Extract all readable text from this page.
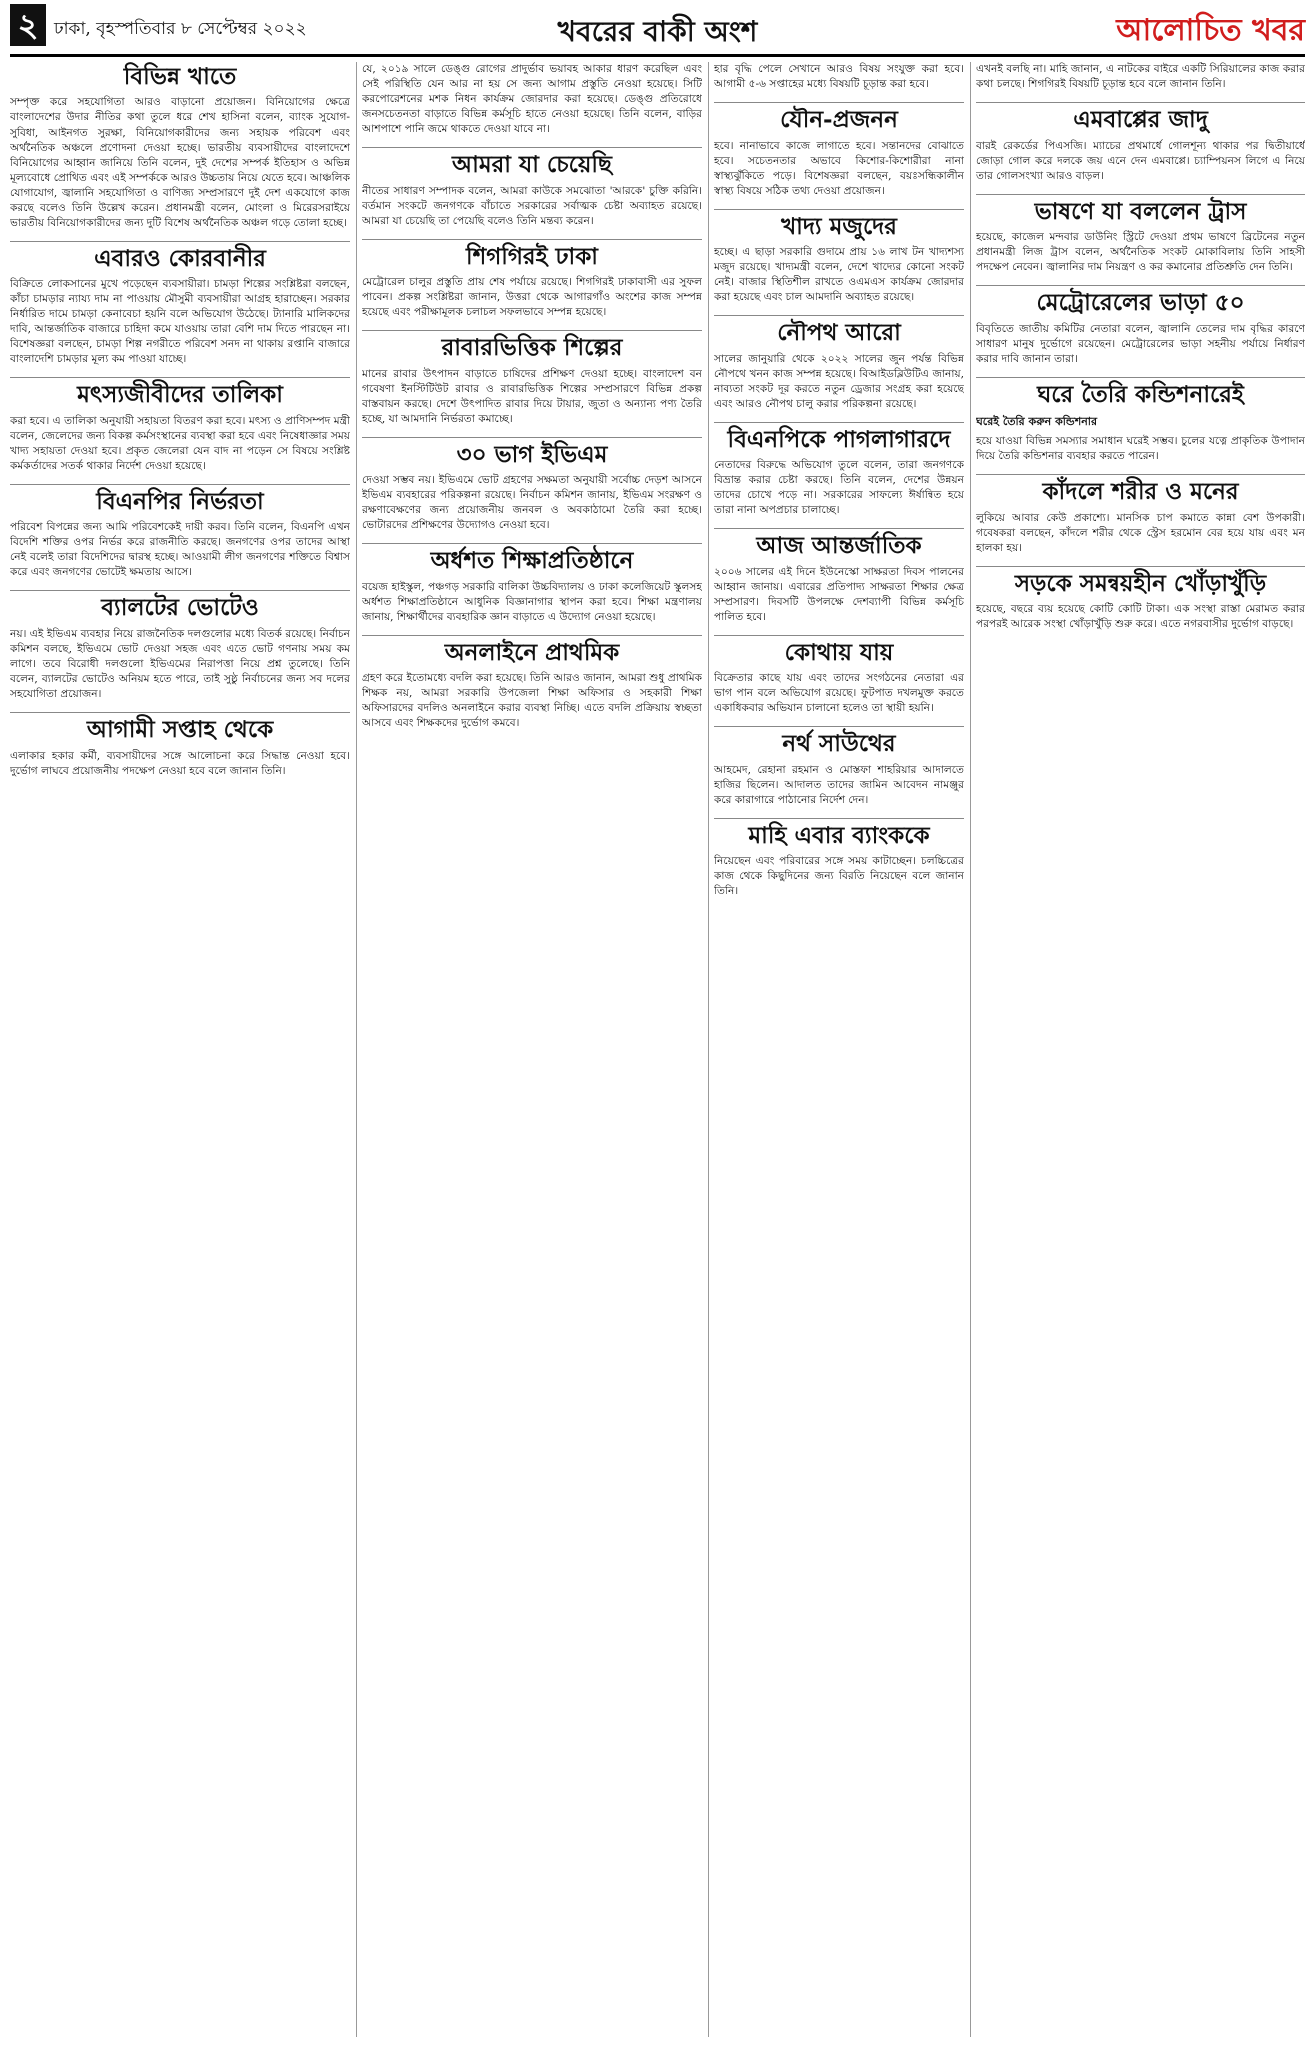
২ ঢাকা, বৃহস্পতিবার ৮ সেপ্টেম্বর ২০২২	খবরের বাকী অংশ	আলোচিত খবর
বিভিন্ন খাতে

সম্পৃক্ত করে সহযোগিতা আরও বাড়ানো প্রয়োজন। বিনিয়োগের ক্ষেত্রে বাংলাদেশের উদার নীতির কথা তুলে ধরে শেখ হাসিনা বলেন, ব্যাংক সুযোগ-সুবিধা, আইনগত সুরক্ষা, বিনিয়োগকারীদের জন্য সহায়ক পরিবেশ এবং অর্থনৈতিক অঞ্চলে প্রণোদনা দেওয়া হচ্ছে। ভারতীয় ব্যবসায়ীদের বাংলাদেশে বিনিয়োগের আহ্বান জানিয়ে তিনি বলেন, দুই দেশের সম্পর্ক ইতিহাস ও অভিন্ন মূল্যবোধে প্রোথিত এবং এই সম্পর্ককে আরও উচ্চতায় নিয়ে যেতে হবে। আঞ্চলিক যোগাযোগ, জ্বালানি সহযোগিতা ও বাণিজ্য সম্প্রসারণে দুই দেশ একযোগে কাজ করছে বলেও তিনি উল্লেখ করেন। প্রধানমন্ত্রী বলেন, মোংলা ও মিরেরসরাইয়ে ভারতীয় বিনিয়োগকারীদের জন্য দুটি বিশেষ অর্থনৈতিক অঞ্চল গড়ে তোলা হচ্ছে।

এবারও কোরবানীর

বিক্রিতে লোকসানের মুখে পড়েছেন ব্যবসায়ীরা। চামড়া শিল্পের সংশ্লিষ্টরা বলছেন, কাঁচা চামড়ার ন্যায্য দাম না পাওয়ায় মৌসুমী ব্যবসায়ীরা আগ্রহ হারাচ্ছেন। সরকার নির্ধারিত দামে চামড়া কেনাবেচা হয়নি বলে অভিযোগ উঠেছে। ট্যানারি মালিকদের দাবি, আন্তর্জাতিক বাজারে চাহিদা কমে যাওয়ায় তারা বেশি দাম দিতে পারছেন না। বিশেষজ্ঞরা বলছেন, চামড়া শিল্প নগরীতে পরিবেশ সনদ না থাকায় রপ্তানি বাজারে বাংলাদেশি চামড়ার মূল্য কম পাওয়া যাচ্ছে।

মৎস্যজীবীদের তালিকা

করা হবে। এ তালিকা অনুযায়ী সহায়তা বিতরণ করা হবে। মৎস্য ও প্রাণিসম্পদ মন্ত্রী বলেন, জেলেদের জন্য বিকল্প কর্মসংস্থানের ব্যবস্থা করা হবে এবং নিষেধাজ্ঞার সময় খাদ্য সহায়তা দেওয়া হবে। প্রকৃত জেলেরা যেন বাদ না পড়েন সে বিষয়ে সংশ্লিষ্ট কর্মকর্তাদের সতর্ক থাকার নির্দেশ দেওয়া হয়েছে।

বিএনপির নির্ভরতা

পরিবেশ বিপন্নের জন্য আমি পরিবেশকেই দায়ী করব। তিনি বলেন, বিএনপি এখন বিদেশি শক্তির ওপর নির্ভর করে রাজনীতি করছে। জনগণের ওপর তাদের আস্থা নেই বলেই তারা বিদেশিদের দ্বারস্থ হচ্ছে। আওয়ামী লীগ জনগণের শক্তিতে বিশ্বাস করে এবং জনগণের ভোটেই ক্ষমতায় আসে।

ব্যালটের ভোটেও

নয়। এই ইভিএম ব্যবহার নিয়ে রাজনৈতিক দলগুলোর মধ্যে বিতর্ক রয়েছে। নির্বাচন কমিশন বলছে, ইভিএমে ভোট দেওয়া সহজ এবং এতে ভোট গণনায় সময় কম লাগে। তবে বিরোধী দলগুলো ইভিএমের নিরাপত্তা নিয়ে প্রশ্ন তুলেছে। তিনি বলেন, ব্যালটের ভোটেও অনিয়ম হতে পারে, তাই সুষ্ঠু নির্বাচনের জন্য সব দলের সহযোগিতা প্রয়োজন।

আগামী সপ্তাহ থেকে

এলাকার হকার কর্মী, ব্যবসায়ীদের সঙ্গে আলোচনা করে সিদ্ধান্ত নেওয়া হবে। দুর্ভোগ লাঘবে প্রয়োজনীয় পদক্ষেপ নেওয়া হবে বলে জানান তিনি।

যে, ২০১৯ সালে ডেঙ্গু রোগের প্রাদুর্ভাব ভয়াবহ আকার ধারণ করেছিল এবং সেই পরিস্থিতি যেন আর না হয় সে জন্য আগাম প্রস্তুতি নেওয়া হয়েছে। সিটি করপোরেশনের মশক নিধন কার্যক্রম জোরদার করা হয়েছে। ডেঙ্গু প্রতিরোধে জনসচেতনতা বাড়াতে বিভিন্ন কর্মসূচি হাতে নেওয়া হয়েছে। তিনি বলেন, বাড়ির আশপাশে পানি জমে থাকতে দেওয়া যাবে না।

আমরা যা চেয়েছি

নীতের সাধারণ সম্পাদক বলেন, আমরা কাউকে সমঝোতা 'আরকে' চুক্তি করিনি। বর্তমান সংকটে জনগণকে বাঁচাতে সরকারের সর্বাত্মক চেষ্টা অব্যাহত রয়েছে। আমরা যা চেয়েছি তা পেয়েছি বলেও তিনি মন্তব্য করেন।

শিগগিরই ঢাকা

মেট্রোরেল চালুর প্রস্তুতি প্রায় শেষ পর্যায়ে রয়েছে। শিগগিরই ঢাকাবাসী এর সুফল পাবেন। প্রকল্প সংশ্লিষ্টরা জানান, উত্তরা থেকে আগারগাঁও অংশের কাজ সম্পন্ন হয়েছে এবং পরীক্ষামূলক চলাচল সফলভাবে সম্পন্ন হয়েছে।

রাবারভিত্তিক শিল্পের

মানের রাবার উৎপাদন বাড়াতে চাষিদের প্রশিক্ষণ দেওয়া হচ্ছে। বাংলাদেশ বন গবেষণা ইনস্টিটিউট রাবার ও রাবারভিত্তিক শিল্পের সম্প্রসারণে বিভিন্ন প্রকল্প বাস্তবায়ন করছে। দেশে উৎপাদিত রাবার দিয়ে টায়ার, জুতা ও অন্যান্য পণ্য তৈরি হচ্ছে, যা আমদানি নির্ভরতা কমাচ্ছে।

৩০ ভাগ ইভিএম

দেওয়া সম্ভব নয়। ইভিএমে ভোট গ্রহণের সক্ষমতা অনুযায়ী সর্বোচ্চ দেড়শ আসনে ইভিএম ব্যবহারের পরিকল্পনা রয়েছে। নির্বাচন কমিশন জানায়, ইভিএম সংরক্ষণ ও রক্ষণাবেক্ষণের জন্য প্রয়োজনীয় জনবল ও অবকাঠামো তৈরি করা হচ্ছে। ভোটারদের প্রশিক্ষণের উদ্যোগও নেওয়া হবে।

অর্ধশত শিক্ষাপ্রতিষ্ঠানে

বয়েজ হাইস্কুল, পঞ্চগড় সরকারি বালিকা উচ্চবিদ্যালয় ও ঢাকা কলেজিয়েট স্কুলসহ অর্ধশত শিক্ষাপ্রতিষ্ঠানে আধুনিক বিজ্ঞানাগার স্থাপন করা হবে। শিক্ষা মন্ত্রণালয় জানায়, শিক্ষার্থীদের ব্যবহারিক জ্ঞান বাড়াতে এ উদ্যোগ নেওয়া হয়েছে।

অনলাইনে প্রাথমিক

গ্রহণ করে ইতোমধ্যে বদলি করা হয়েছে। তিনি আরও জানান, আমরা শুধু প্রাথমিক শিক্ষক নয়, আমরা সরকারি উপজেলা শিক্ষা অফিসার ও সহকারী শিক্ষা অফিসারদের বদলিও অনলাইনে করার ব্যবস্থা নিচ্ছি। এতে বদলি প্রক্রিয়ায় স্বচ্ছতা আসবে এবং শিক্ষকদের দুর্ভোগ কমবে।

হার বৃদ্ধি পেলে সেখানে আরও বিষয় সংযুক্ত করা হবে। আগামী ৫-৬ সপ্তাহের মধ্যে বিষয়টি চূড়ান্ত করা হবে।

যৌন-প্রজনন

হবে। নানাভাবে কাজে লাগাতে হবে। সন্তানদের বোঝাতে হবে। সচেতনতার অভাবে কিশোর-কিশোরীরা নানা স্বাস্থ্যঝুঁকিতে পড়ে। বিশেষজ্ঞরা বলছেন, বয়ঃসন্ধিকালীন স্বাস্থ্য বিষয়ে সঠিক তথ্য দেওয়া প্রয়োজন।

খাদ্য মজুদের

হচ্ছে। এ ছাড়া সরকারি গুদামে প্রায় ১৬ লাখ টন খাদ্যশস্য মজুদ রয়েছে। খাদ্যমন্ত্রী বলেন, দেশে খাদ্যের কোনো সংকট নেই। বাজার স্থিতিশীল রাখতে ওএমএস কার্যক্রম জোরদার করা হয়েছে এবং চাল আমদানি অব্যাহত রয়েছে।

নৌপথ আরো

সালের জানুয়ারি থেকে ২০২২ সালের জুন পর্যন্ত বিভিন্ন নৌপথে খনন কাজ সম্পন্ন হয়েছে। বিআইডব্লিউটিএ জানায়, নাব্যতা সংকট দূর করতে নতুন ড্রেজার সংগ্রহ করা হয়েছে এবং আরও নৌপথ চালু করার পরিকল্পনা রয়েছে।

বিএনপিকে পাগলাগারদে

নেতাদের বিরুদ্ধে অভিযোগ তুলে বলেন, তারা জনগণকে বিভ্রান্ত করার চেষ্টা করছে। তিনি বলেন, দেশের উন্নয়ন তাদের চোখে পড়ে না। সরকারের সাফল্যে ঈর্ষান্বিত হয়ে তারা নানা অপপ্রচার চালাচ্ছে।

আজ আন্তর্জাতিক

২০০৬ সালের এই দিনে ইউনেস্কো সাক্ষরতা দিবস পালনের আহ্বান জানায়। এবারের প্রতিপাদ্য সাক্ষরতা শিক্ষার ক্ষেত্র সম্প্রসারণ। দিবসটি উপলক্ষে দেশব্যাপী বিভিন্ন কর্মসূচি পালিত হবে।

কোথায় যায়

বিক্রেতার কাছে যায় এবং তাদের সংগঠনের নেতারা এর ভাগ পান বলে অভিযোগ রয়েছে। ফুটপাত দখলমুক্ত করতে একাধিকবার অভিযান চালানো হলেও তা স্থায়ী হয়নি।

নর্থ সাউথের

আহমেদ, রেহানা রহমান ও মোস্তফা শাহরিয়ার আদালতে হাজির ছিলেন। আদালত তাদের জামিন আবেদন নামঞ্জুর করে কারাগারে পাঠানোর নির্দেশ দেন।

মাহি এবার ব্যাংককে

নিয়েছেন এবং পরিবারের সঙ্গে সময় কাটাচ্ছেন। চলচ্চিত্রের কাজ থেকে কিছুদিনের জন্য বিরতি নিয়েছেন বলে জানান তিনি।

এখনই বলছি না। মাহি জানান, এ নাটকের বাইরে একটি সিরিয়ালের কাজ করার কথা চলছে। শিগগিরই বিষয়টি চূড়ান্ত হবে বলে জানান তিনি।

এমবাপ্পের জাদু

বারই রেকর্ডের পিএসজি। ম্যাচের প্রথমার্ধে গোলশূন্য থাকার পর দ্বিতীয়ার্ধে জোড়া গোল করে দলকে জয় এনে দেন এমবাপ্পে। চ্যাম্পিয়নস লিগে এ নিয়ে তার গোলসংখ্যা আরও বাড়ল।

ভাষণে যা বললেন ট্রাস

হয়েছে, কাজেল মন্দবার ডাউনিং স্ট্রিটে দেওয়া প্রথম ভাষণে ব্রিটেনের নতুন প্রধানমন্ত্রী লিজ ট্রাস বলেন, অর্থনৈতিক সংকট মোকাবিলায় তিনি সাহসী পদক্ষেপ নেবেন। জ্বালানির দাম নিয়ন্ত্রণ ও কর কমানোর প্রতিশ্রুতি দেন তিনি।

মেট্রোরেলের ভাড়া ৫০

বিবৃতিতে জাতীয় কমিটির নেতারা বলেন, জ্বালানি তেলের দাম বৃদ্ধির কারণে সাধারণ মানুষ দুর্ভোগে রয়েছেন। মেট্রোরেলের ভাড়া সহনীয় পর্যায়ে নির্ধারণ করার দাবি জানান তারা।

ঘরে তৈরি কন্ডিশনারেই
ঘরেই তৈরি করুন কন্ডিশনার

হয়ে যাওয়া বিভিন্ন সমস্যার সমাধান ঘরেই সম্ভব। চুলের যত্নে প্রাকৃতিক উপাদান দিয়ে তৈরি কন্ডিশনার ব্যবহার করতে পারেন।

কাঁদলে শরীর ও মনের

লুকিয়ে আবার কেউ প্রকাশ্যে। মানসিক চাপ কমাতে কান্না বেশ উপকারী। গবেষকরা বলছেন, কাঁদলে শরীর থেকে স্ট্রেস হরমোন বের হয়ে যায় এবং মন হালকা হয়।

সড়কে সমন্বয়হীন খোঁড়াখুঁড়ি

হয়েছে, বছরে ব্যয় হয়েছে কোটি কোটি টাকা। এক সংস্থা রাস্তা মেরামত করার পরপরই আরেক সংস্থা খোঁড়াখুঁড়ি শুরু করে। এতে নগরবাসীর দুর্ভোগ বাড়ছে।
